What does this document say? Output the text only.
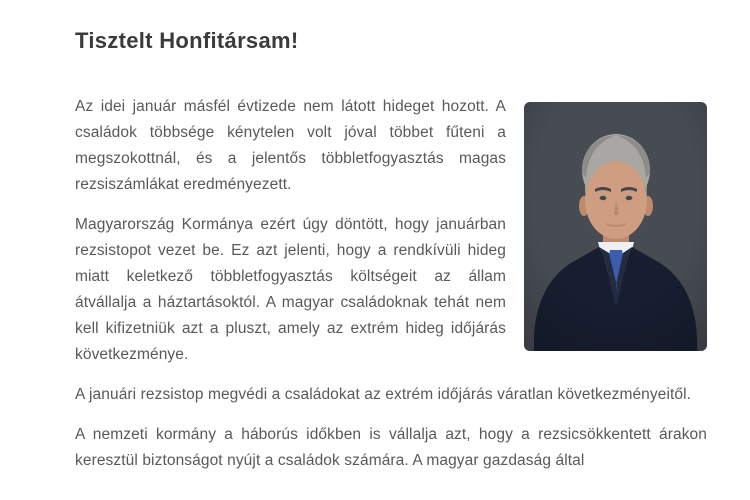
Tisztelt Honfitársam!

Az idei január másfél évtizede nem látott hideget hozott. A családok többsége kénytelen volt jóval többet fűteni a megszokottnál, és a jelentős többletfogyasztás magas rezsiszámlákat eredményezett.

Magyarország Kormánya ezért úgy döntött, hogy januárban rezsistopot vezet be. Ez azt jelenti, hogy a rendkívüli hideg miatt keletkező többletfogyasztás költségeit az állam átvállalja a háztartásoktól. A magyar családoknak tehát nem kell kifizetniük azt a pluszt, amely az extrém hideg időjárás következménye.

A januári rezsistop megvédi a családokat az extrém időjárás váratlan következményeitől.

A nemzeti kormány a háborús időkben is vállalja azt, hogy a rezsicsökkentett árakon keresztül biztonságot nyújt a családok számára. A magyar gazdaság által
